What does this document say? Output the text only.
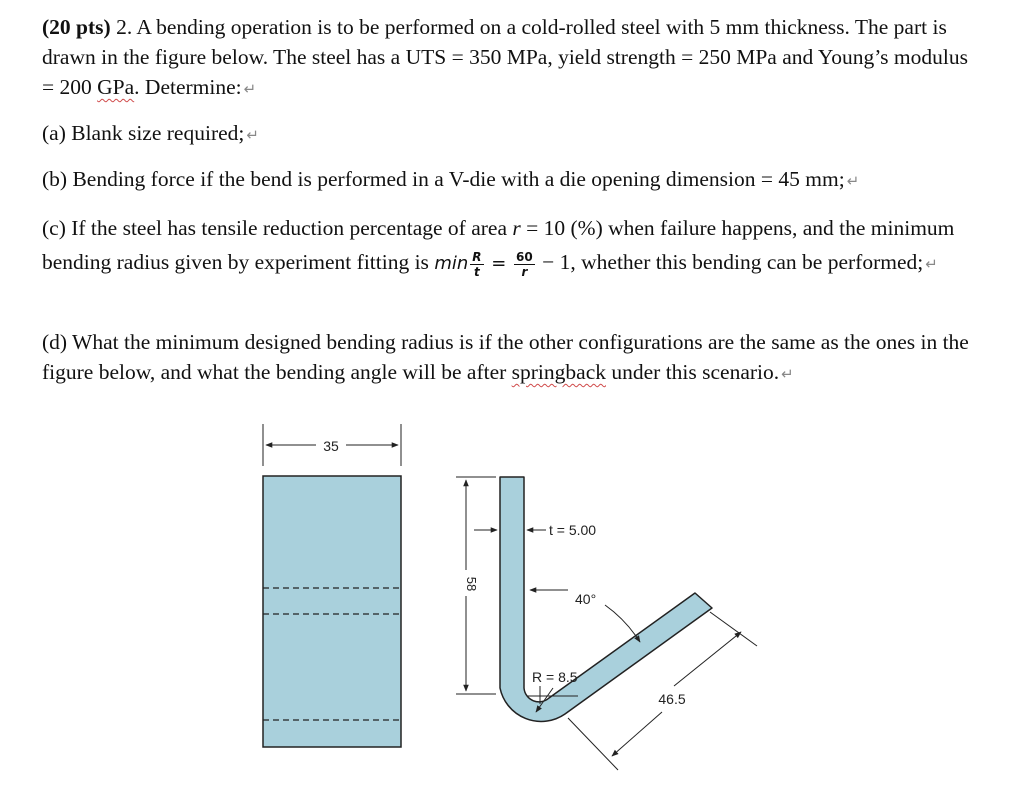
(20 pts) 2. A bending operation is to be performed on a cold-rolled steel with 5 mm thickness. The part is drawn in the figure below. The steel has a UTS = 350 MPa, yield strength = 250 MPa and Young’s modulus = 200 GPa. Determine: ↵
(a) Blank size required; ↵
(b) Bending force if the bend is performed in a V-die with a die opening dimension = 45 mm; ↵
(c) If the steel has tensile reduction percentage of area r = 10 (%) when failure happens, and the minimum bending radius given by experiment fitting is $\min \frac{R}{t} = \frac{60}{r} - 1$, whether this bending can be performed; ↵
(d) What the minimum designed bending radius is if the other configurations are the same as the ones in the figure below, and what the bending angle will be after springback under this scenario. ↵
35
58
t = 5.00
40°
R = 8.5
46.5
